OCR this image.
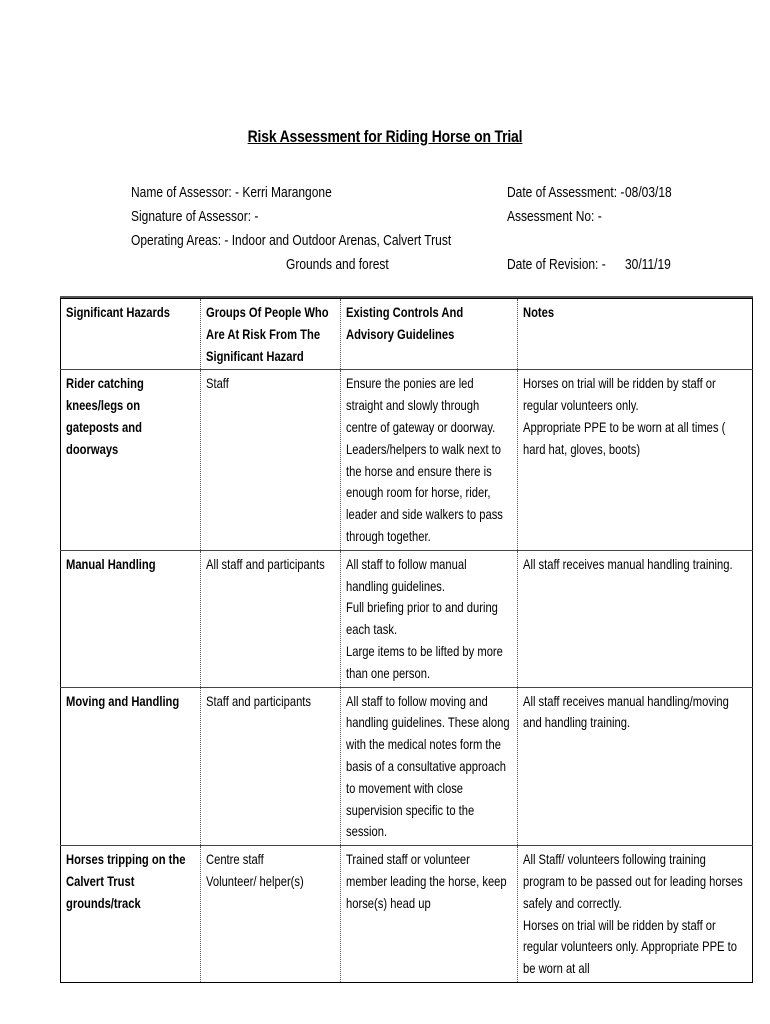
Risk Assessment for Riding Horse on Trial
Name of Assessor: - Kerri Marangone
Signature of Assessor: -
Operating Areas: - Indoor and Outdoor Arenas, Calvert Trust
Grounds and forest
Date of Assessment: - 08/03/18
Assessment No: -
Date of Revision: - 30/11/19
Significant Hazards	Groups Of People Who Are At Risk From The Significant Hazard	Existing Controls And Advisory Guidelines	Notes

Rider catching knees/legs on gateposts and doorways	Staff	Ensure the ponies are led straight and slowly through centre of gateway or doorway.
Leaders/helpers to walk next to the horse and ensure there is enough room for horse, rider, leader and side walkers to pass through together.	Horses on trial will be ridden by staff or regular volunteers only.
Appropriate PPE to be worn at all times ( hard hat, gloves, boots)

Manual Handling	All staff and participants	All staff to follow manual handling guidelines.
Full briefing prior to and during each task.
Large items to be lifted by more than one person.	All staff receives manual handling training.

Moving and Handling	Staff and participants	All staff to follow moving and handling guidelines. These along with the medical notes form the basis of a consultative approach to movement with close supervision specific to the session.	All staff receives manual handling/moving and handling training.

Horses tripping on the Calvert Trust grounds/track	Centre staff
Volunteer/ helper(s)	Trained staff or volunteer member leading the horse, keep horse(s) head up	All Staff/ volunteers following training program to be passed out for leading horses safely and correctly.
Horses on trial will be ridden by staff or regular volunteers only. Appropriate PPE to be worn at all
